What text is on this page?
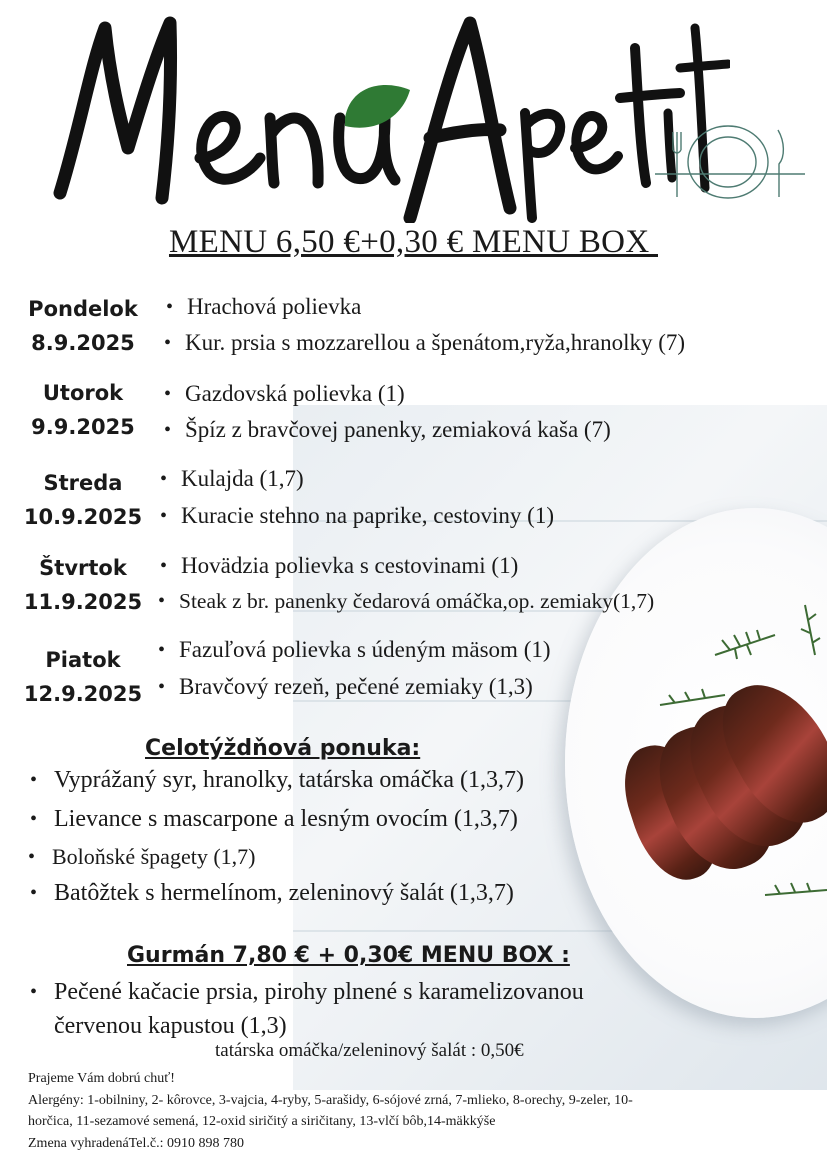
MENU 6,50 €+0,30 € MENU BOX
Pondelok
8.9.2025
• Hrachová polievka
• Kur. prsia s mozzarellou a špenátom,ryža,hranolky (7)
Utorok
9.9.2025
• Gazdovská polievka (1)
• Špíz z bravčovej panenky, zemiaková kaša (7)
Streda
10.9.2025
• Kulajda (1,7)
• Kuracie stehno na paprike, cestoviny (1)
Štvrtok
11.9.2025
• Hovädzia polievka s cestovinami (1)
• Steak z br. panenky čedarová omáčka,op. zemiaky(1,7)
Piatok
12.9.2025
• Fazuľová polievka s údeným mäsom (1)
• Bravčový rezeň, pečené zemiaky (1,3)
Celotýždňová ponuka:
• Vyprážaný syr, hranolky, tatárska omáčka (1,3,7)
• Lievance s mascarpone a lesným ovocím (1,3,7)
• Boloňské špagety (1,7)
• Batôžtek s hermelínom, zeleninový šalát (1,3,7)
Gurmán 7,80 € + 0,30€ MENU BOX :
• Pečené kačacie prsia, pirohy plnené s karamelizovanou
červenou kapustou (1,3)
tatárska omáčka/zeleninový šalát : 0,50€
Prajeme Vám dobrú chuť!
Alergény: 1-obilniny, 2- kôrovce, 3-vajcia, 4-ryby, 5-arašidy, 6-sójové zrná, 7-mlieko, 8-orechy, 9-zeler, 10-
horčica, 11-sezamové semená, 12-oxid siričitý a siričitany, 13-vlčí bôb,14-mäkkýše
Zmena vyhradenáTel.č.: 0910 898 780
